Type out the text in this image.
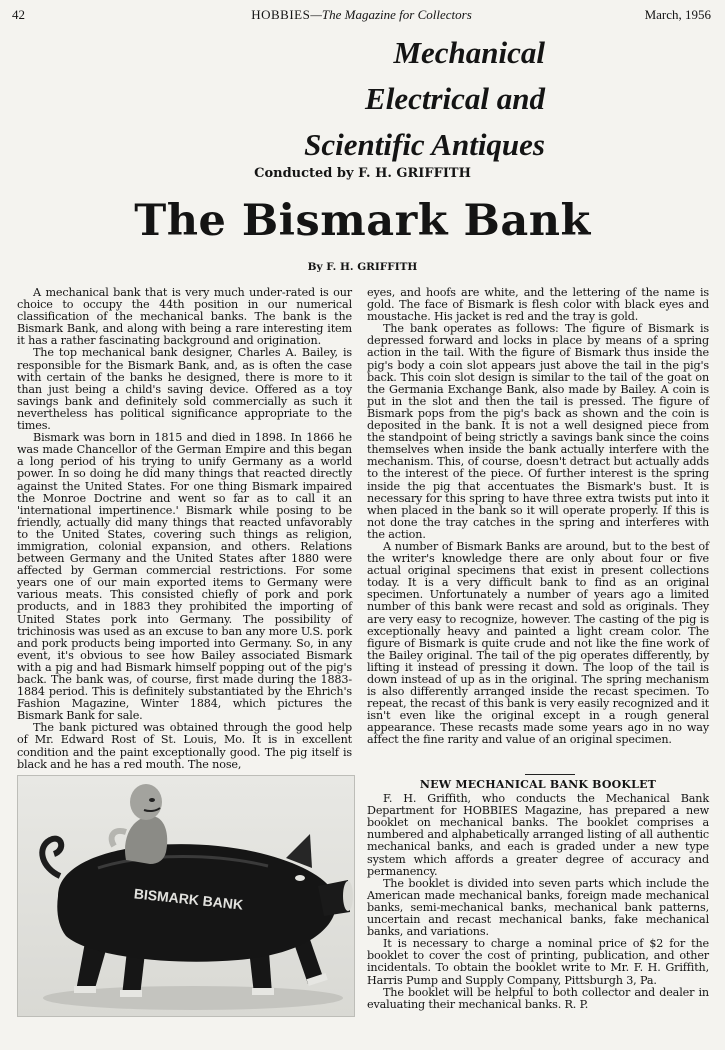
42	HOBBIES—The Magazine for Collectors	March, 1956
Mechanical
Electrical and
Scientific Antiques
Conducted by F. H. GRIFFITH
The Bismark Bank
By F. H. GRIFFITH

A mechanical bank that is very much under-rated is our choice to occupy the 44th position in our numerical classification of the mechanical banks. The bank is the Bismark Bank, and along with being a rare interesting item it has a rather fascinating background and origination.

The top mechanical bank designer, Charles A. Bailey, is responsible for the Bismark Bank, and, as is often the case with certain of the banks he designed, there is more to it than just being a child's saving device. Offered as a toy savings bank and definitely sold commercially as such it nevertheless has political significance appropriate to the times.

Bismark was born in 1815 and died in 1898. In 1866 he was made Chancellor of the German Empire and this began a long period of his trying to unify Germany as a world power. In so doing he did many things that reacted directly against the United States. For one thing Bismark impaired the Monroe Doctrine and went so far as to call it an 'international impertinence.' Bismark while posing to be friendly, actually did many things that reacted unfavorably to the United States, covering such things as religion, immigration, colonial expansion, and others. Relations between Germany and the United States after 1880 were affected by German commercial restrictions. For some years one of our main exported items to Germany were various meats. This consisted chiefly of pork and pork products, and in 1883 they prohibited the importing of United States pork into Germany. The possibility of trichinosis was used as an excuse to ban any more U.S. pork and pork products being imported into Germany. So, in any event, it's obvious to see how Bailey associated Bismark with a pig and had Bismark himself popping out of the pig's back. The bank was, of course, first made during the 1883-1884 period. This is definitely substantiated by the Ehrich's Fashion Magazine, Winter 1884, which pictures the Bismark Bank for sale.

The bank pictured was obtained through the good help of Mr. Edward Rost of St. Louis, Mo. It is in excellent condition and the paint exceptionally good. The pig itself is black and he has a red mouth. The nose,

eyes, and hoofs are white, and the lettering of the name is gold. The face of Bismark is flesh color with black eyes and moustache. His jacket is red and the tray is gold.

The bank operates as follows: The figure of Bismark is depressed forward and locks in place by means of a spring action in the tail. With the figure of Bismark thus inside the pig's body a coin slot appears just above the tail in the pig's back. This coin slot design is similar to the tail of the goat on the Germania Exchange Bank, also made by Bailey. A coin is put in the slot and then the tail is pressed. The figure of Bismark pops from the pig's back as shown and the coin is deposited in the bank. It is not a well designed piece from the standpoint of being strictly a savings bank since the coins themselves when inside the bank actually interfere with the mechanism. This, of course, doesn't detract but actually adds to the interest of the piece. Of further interest is the spring inside the pig that accentuates the Bismark's bust. It is necessary for this spring to have three extra twists put into it when placed in the bank so it will operate properly. If this is not done the tray catches in the spring and interferes with the action.

A number of Bismark Banks are around, but to the best of the writer's knowledge there are only about four or five actual original specimens that exist in present collections today. It is a very difficult bank to find as an original specimen. Unfortunately a number of years ago a limited number of this bank were recast and sold as originals. They are very easy to recognize, however. The casting of the pig is exceptionally heavy and painted a light cream color. The figure of Bismark is quite crude and not like the fine work of the Bailey original. The tail of the pig operates differently, by lifting it instead of pressing it down. The loop of the tail is down instead of up as in the original. The spring mechanism is also differently arranged inside the recast specimen. To repeat, the recast of this bank is very easily recognized and it isn't even like the original except in a rough general appearance. These recasts made some years ago in no way affect the fine rarity and value of an original specimen.

NEW MECHANICAL BANK BOOKLET

F. H. Griffith, who conducts the Mechanical Bank Department for HOBBIES Magazine, has prepared a new booklet on mechanical banks. The booklet comprises a numbered and alphabetically arranged listing of all authentic mechanical banks, and each is graded under a new type system which affords a greater degree of accuracy and permanency.

The booklet is divided into seven parts which include the American made mechanical banks, foreign made mechanical banks, semi-mechanical banks, mechanical bank patterns, uncertain and recast mechanical banks, fake mechanical banks, and variations.

It is necessary to charge a nominal price of $2 for the booklet to cover the cost of printing, publication, and other incidentals. To obtain the booklet write to Mr. F. H. Griffith, Harris Pump and Supply Company, Pittsburgh 3, Pa.

The booklet will be helpful to both collector and dealer in evaluating their mechanical banks. R. P.

BISMARK BANK
